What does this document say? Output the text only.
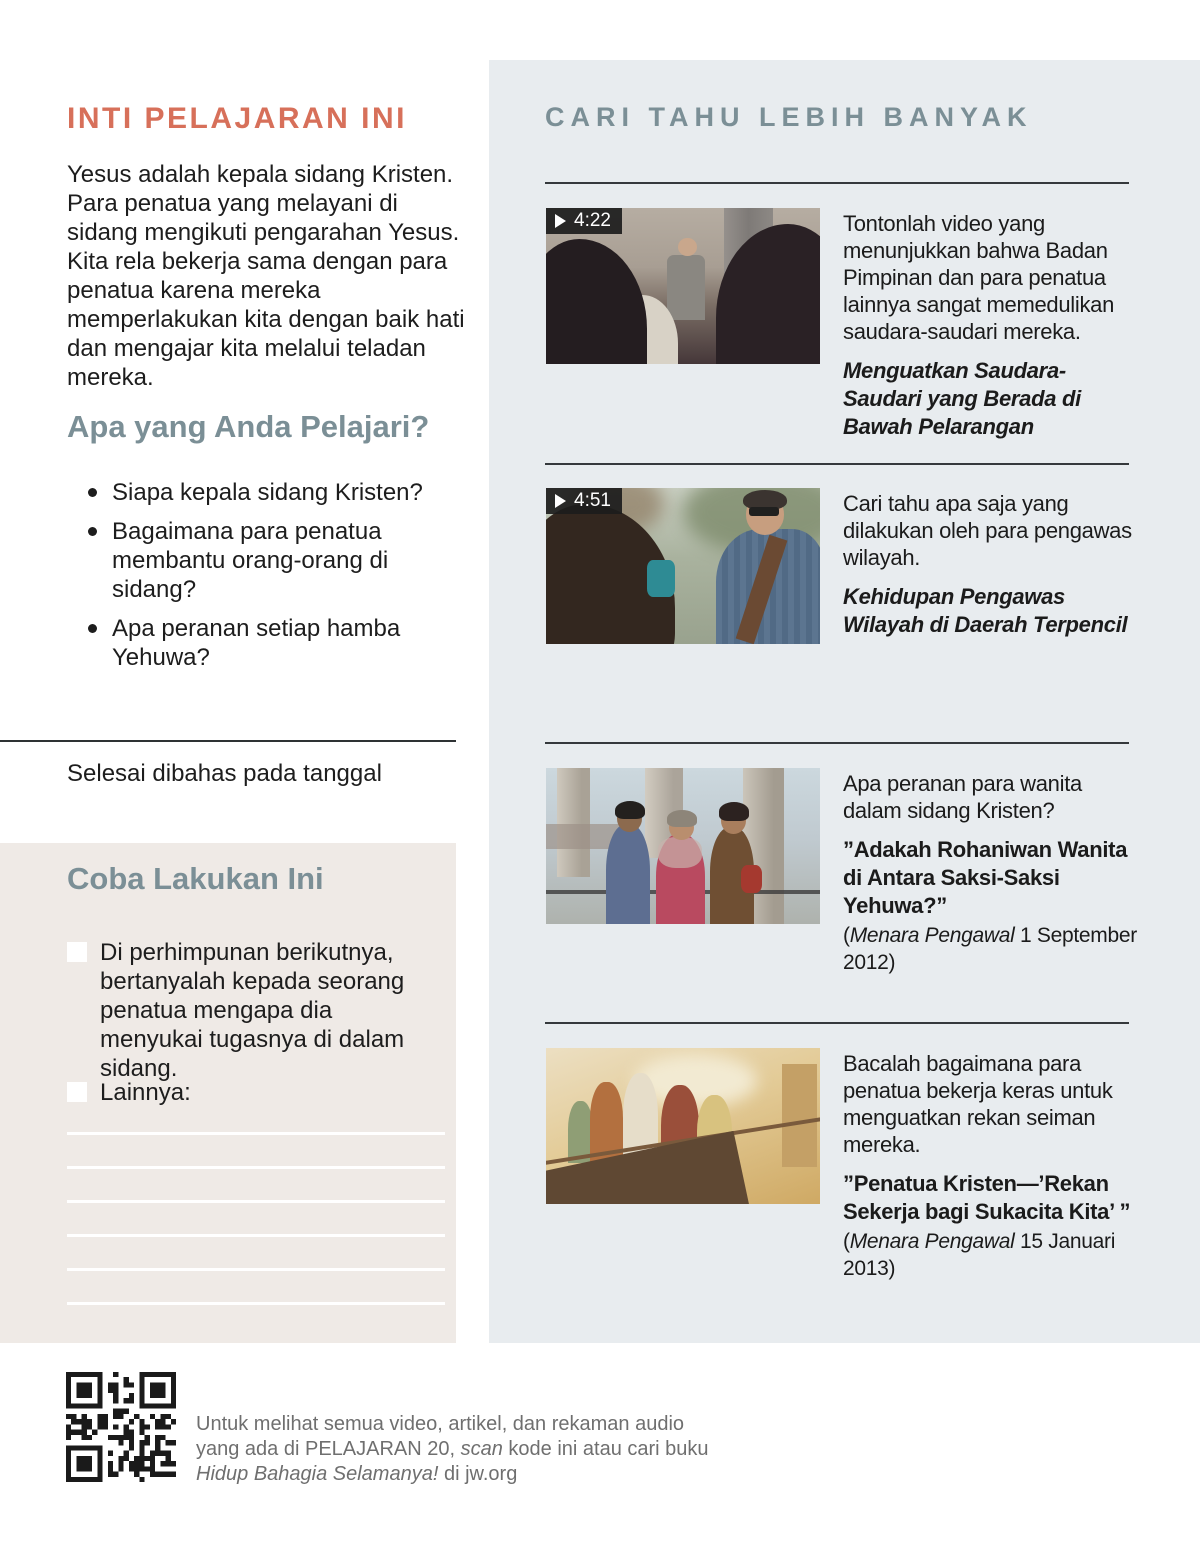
INTI PELAJARAN INI

Yesus adalah kepala sidang Kristen. Para penatua yang melayani di sidang mengikuti pengarahan Yesus. Kita rela bekerja sama dengan para penatua karena mereka memperlakukan kita dengan baik hati dan mengajar kita melalui teladan mereka.

Apa yang Anda Pelajari?
Siapa kepala sidang Kristen?
Bagaimana para penatua membantu orang-orang di sidang?
Apa peranan setiap hamba Yehuwa?
Selesai dibahas pada tanggal
Coba Lakukan Ini
Di perhimpunan berikutnya, bertanyalah kepada seorang penatua mengapa dia menyukai tugasnya di dalam sidang.
Lainnya:
CARI TAHU LEBIH BANYAK
4:22	Tontonlah video yang menunjukkan bahwa Badan Pimpinan dan para penatua lainnya sangat memedulikan saudara-saudari mereka.

Menguatkan Saudara-Saudari yang Berada di Bawah Pelarangan

4:51	Cari tahu apa saja yang dilakukan oleh para pengawas wilayah.

Kehidupan Pengawas Wilayah di Daerah Terpencil

Apa peranan para wanita dalam sidang Kristen?

”Adakah Rohaniwan Wanita di Antara Saksi-Saksi Yehuwa?”

(Menara Pengawal 1 September 2012)

Bacalah bagaimana para penatua bekerja keras untuk menguatkan rekan seiman mereka.

”Penatua Kristen—’Rekan Sekerja bagi Sukacita Kita’ ”

(Menara Pengawal 15 Januari 2013)

Untuk melihat semua video, artikel, dan rekaman audio
yang ada di PELAJARAN 20, scan kode ini atau cari buku
Hidup Bahagia Selamanya! di jw.org
